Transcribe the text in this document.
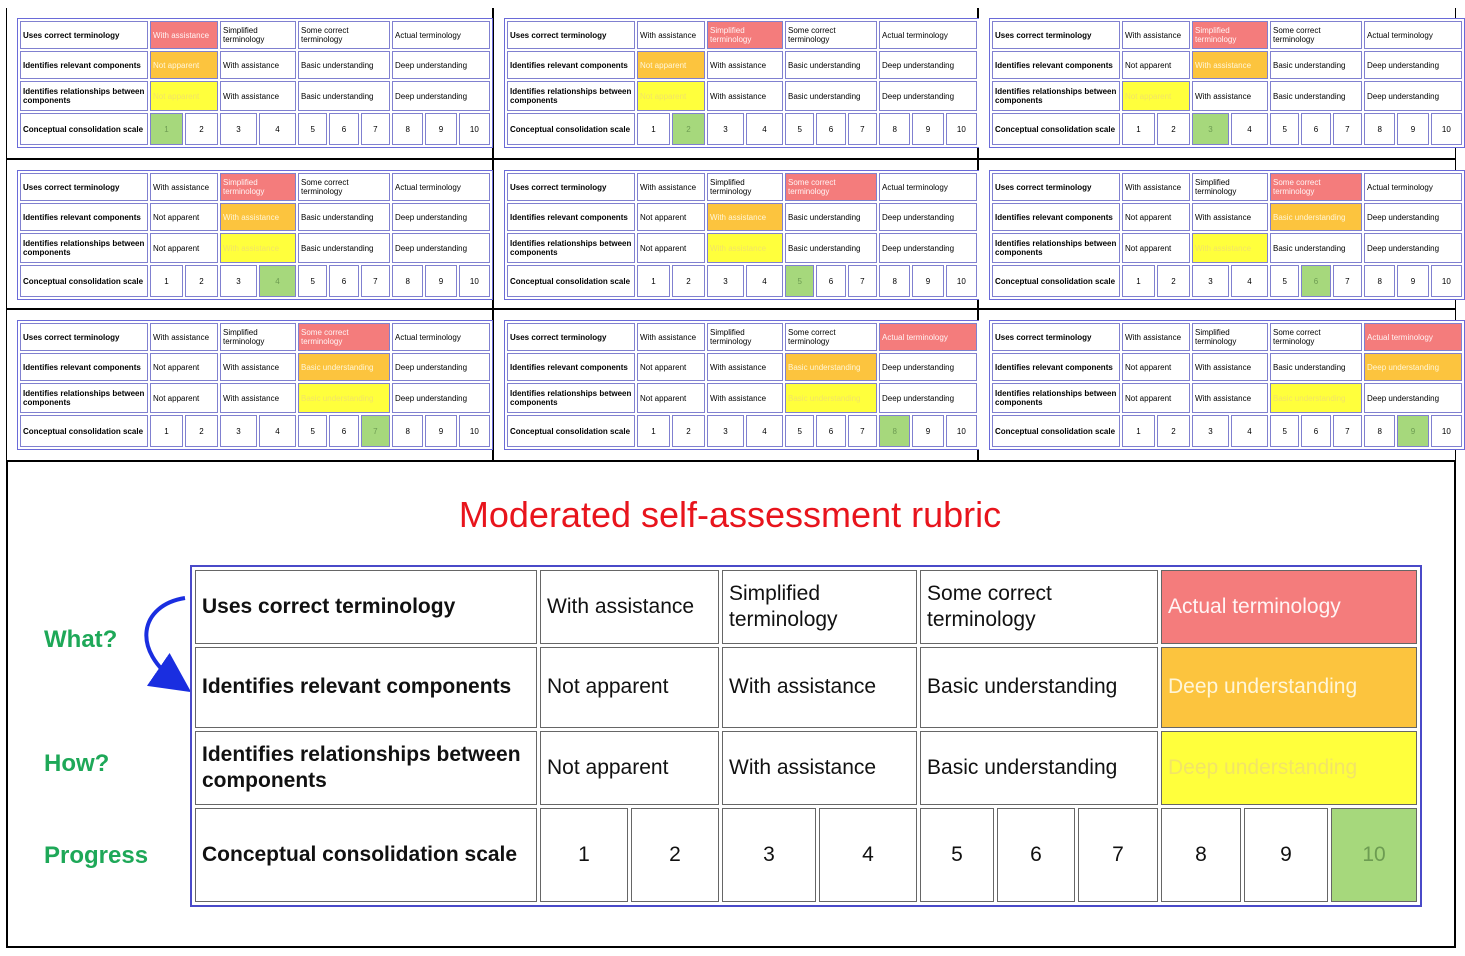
Uses correct terminology	With assistance		Simplified terminology		Some correct terminology			Actual terminology		
Identifies relevant components	Not apparent		With assistance		Basic understanding			Deep understanding		
Identifies relationships between components	Not apparent		With assistance		Basic understanding			Deep understanding		
Conceptual consolidation scale	1	2	3	4	5	6	7	8	9	10
Uses correct terminology	With assistance		Simplified terminology		Some correct terminology			Actual terminology		
Identifies relevant components	Not apparent		With assistance		Basic understanding			Deep understanding		
Identifies relationships between components	Not apparent		With assistance		Basic understanding			Deep understanding		
Conceptual consolidation scale	1	2	3	4	5	6	7	8	9	10
Uses correct terminology	With assistance		Simplified terminology		Some correct terminology			Actual terminology		
Identifies relevant components	Not apparent		With assistance		Basic understanding			Deep understanding		
Identifies relationships between components	Not apparent		With assistance		Basic understanding			Deep understanding		
Conceptual consolidation scale	1	2	3	4	5	6	7	8	9	10
Uses correct terminology	With assistance		Simplified terminology		Some correct terminology			Actual terminology		
Identifies relevant components	Not apparent		With assistance		Basic understanding			Deep understanding		
Identifies relationships between components	Not apparent		With assistance		Basic understanding			Deep understanding		
Conceptual consolidation scale	1	2	3	4	5	6	7	8	9	10
Uses correct terminology	With assistance		Simplified terminology		Some correct terminology			Actual terminology		
Identifies relevant components	Not apparent		With assistance		Basic understanding			Deep understanding		
Identifies relationships between components	Not apparent		With assistance		Basic understanding			Deep understanding		
Conceptual consolidation scale	1	2	3	4	5	6	7	8	9	10
Uses correct terminology	With assistance		Simplified terminology		Some correct terminology			Actual terminology		
Identifies relevant components	Not apparent		With assistance		Basic understanding			Deep understanding		
Identifies relationships between components	Not apparent		With assistance		Basic understanding			Deep understanding		
Conceptual consolidation scale	1	2	3	4	5	6	7	8	9	10
Uses correct terminology	With assistance		Simplified terminology		Some correct terminology			Actual terminology		
Identifies relevant components	Not apparent		With assistance		Basic understanding			Deep understanding		
Identifies relationships between components	Not apparent		With assistance		Basic understanding			Deep understanding		
Conceptual consolidation scale	1	2	3	4	5	6	7	8	9	10
Uses correct terminology	With assistance		Simplified terminology		Some correct terminology			Actual terminology		
Identifies relevant components	Not apparent		With assistance		Basic understanding			Deep understanding		
Identifies relationships between components	Not apparent		With assistance		Basic understanding			Deep understanding		
Conceptual consolidation scale	1	2	3	4	5	6	7	8	9	10
Uses correct terminology	With assistance		Simplified terminology		Some correct terminology			Actual terminology		
Identifies relevant components	Not apparent		With assistance		Basic understanding			Deep understanding		
Identifies relationships between components	Not apparent		With assistance		Basic understanding			Deep understanding		
Conceptual consolidation scale	1	2	3	4	5	6	7	8	9	10
Moderated self-assessment rubric
What?
How?
Progress
Uses correct terminology	With assistance		Simplified terminology		Some correct terminology			Actual terminology		
Identifies relevant components	Not apparent		With assistance		Basic understanding			Deep understanding		
Identifies relationships between components	Not apparent		With assistance		Basic understanding			Deep understanding		
Conceptual consolidation scale	1	2	3	4	5	6	7	8	9	10
